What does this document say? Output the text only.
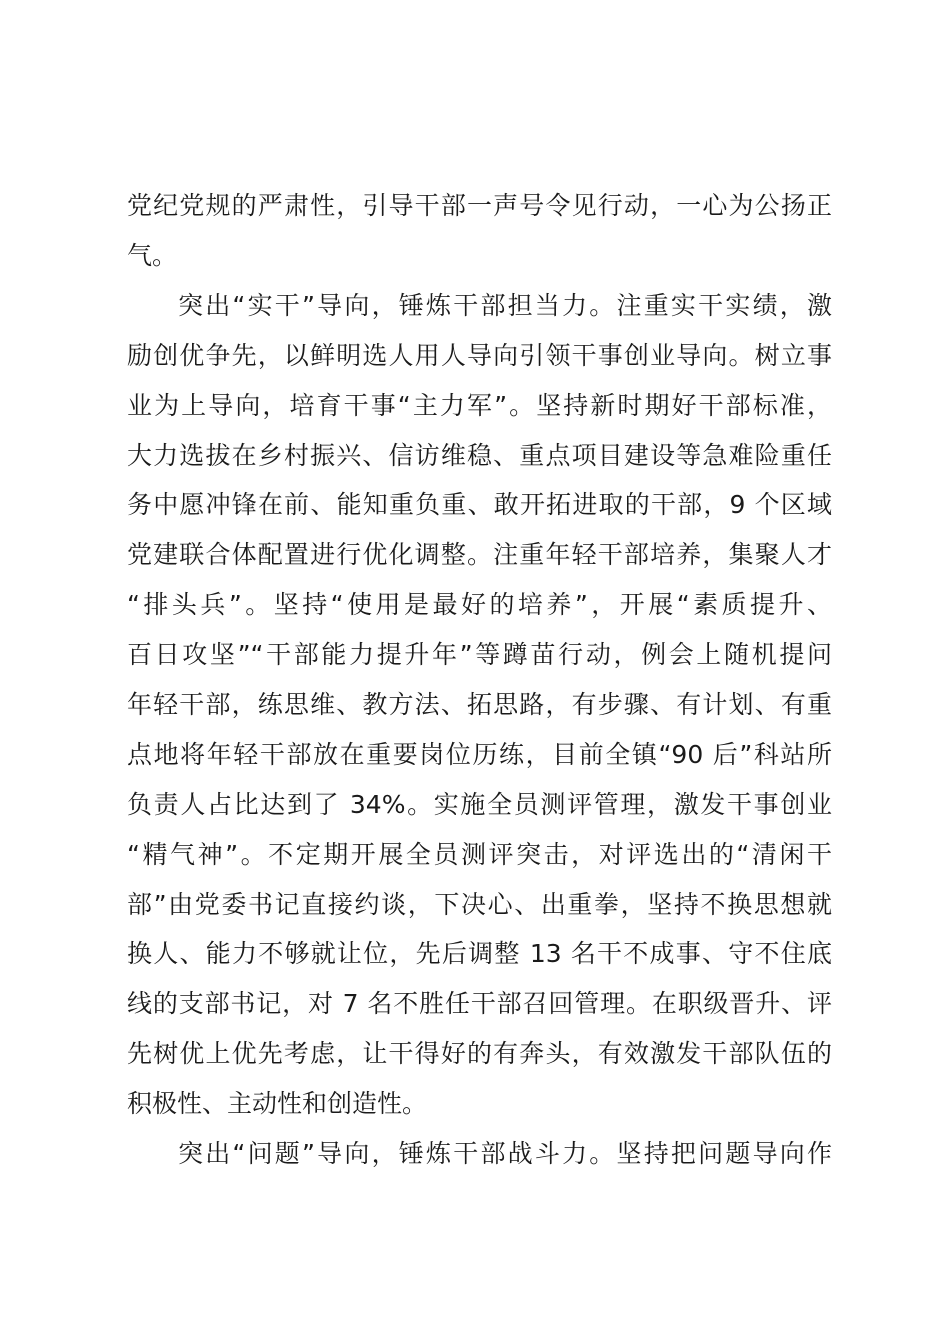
党纪党规的严肃性，引导干部一声号令见行动，一心为公扬正
气。
突出“实干”导向，锤炼干部担当力。注重实干实绩，激
励创优争先，以鲜明选人用人导向引领干事创业导向。树立事
业为上导向，培育干事“主力军”。坚持新时期好干部标准，
大力选拔在乡村振兴、信访维稳、重点项目建设等急难险重任
务中愿冲锋在前、能知重负重、敢开拓进取的干部，9 个区域
党建联合体配置进行优化调整。注重年轻干部培养，集聚人才
“排头兵”。坚持“使用是最好的培养”，开展“素质提升、
百日攻坚”“干部能力提升年”等蹲苗行动，例会上随机提问
年轻干部，练思维、教方法、拓思路，有步骤、有计划、有重
点地将年轻干部放在重要岗位历练，目前全镇“90 后”科站所
负责人占比达到了 34%。实施全员测评管理，激发干事创业
“精气神”。不定期开展全员测评突击，对评选出的“清闲干
部”由党委书记直接约谈，下决心、出重拳，坚持不换思想就
换人、能力不够就让位，先后调整 13 名干不成事、守不住底
线的支部书记，对 7 名不胜任干部召回管理。在职级晋升、评
先树优上优先考虑，让干得好的有奔头，有效激发干部队伍的
积极性、主动性和创造性。
突出“问题”导向，锤炼干部战斗力。坚持把问题导向作
